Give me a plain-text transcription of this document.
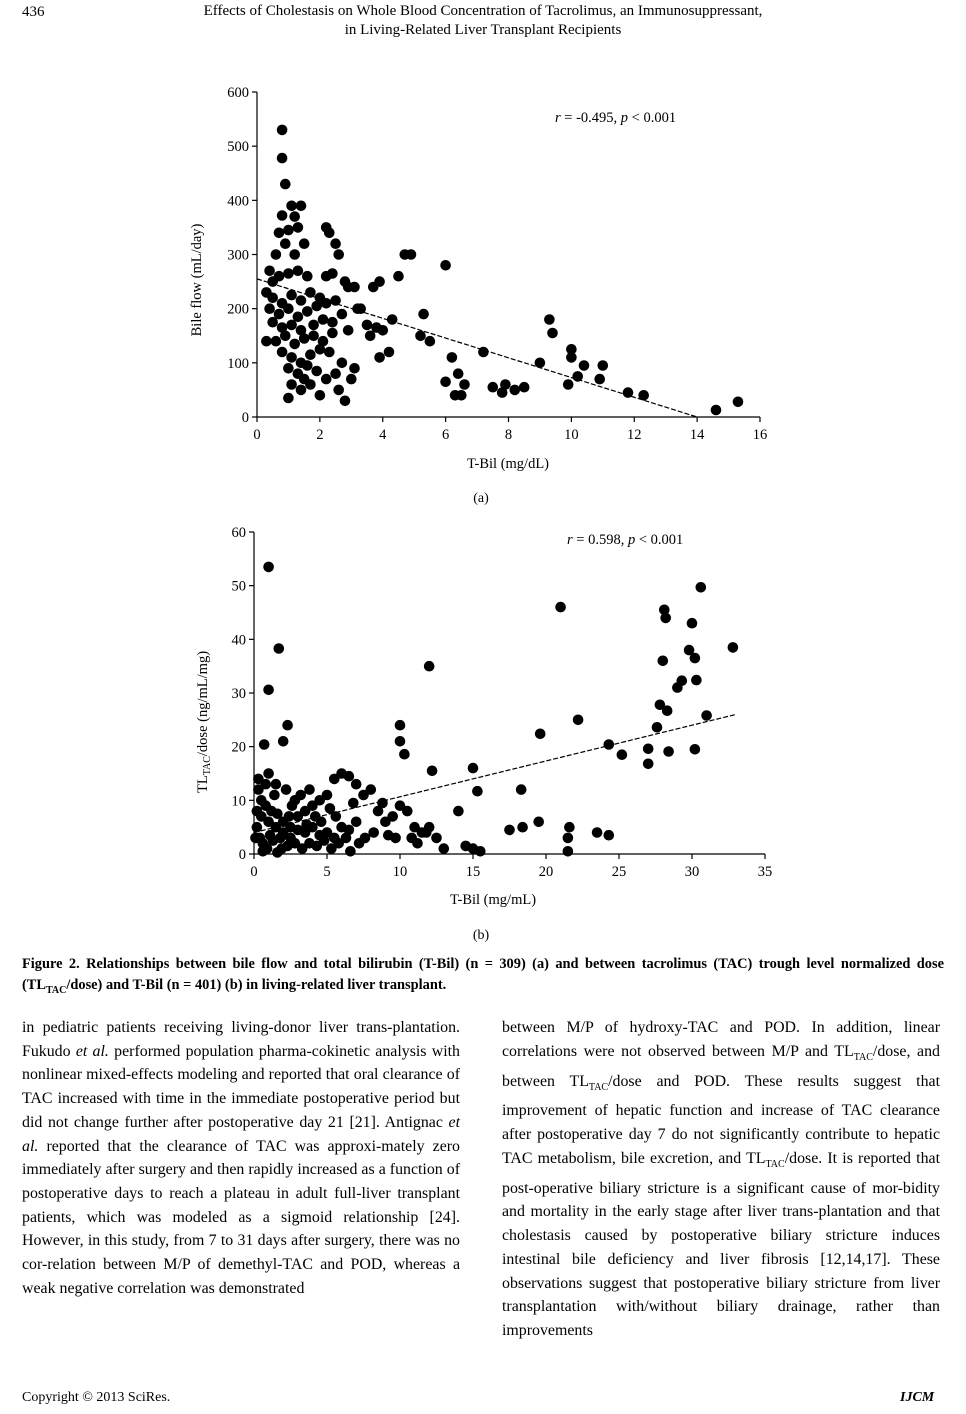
436	Effects of Cholestasis on Whole Blood Concentration of Tacrolimus, an Immunosuppressant,
in Living-Related Liver Transplant Recipients
0	2	4	6	8	10	12	14	16
0
100
200
300
400
500
600
r = -0.495, p < 0.001
T-Bil (mg/dL)
Bile flow (mL/day)
(a)
0	5	10	15	20	25	30	35
0
10
20
30
40
50
60	r = 0.598, p < 0.001
T-Bil (mg/mL)
$TL_{TAC}$/dose (ng/mL/mg)
(b)
Figure 2. Relationships between bile flow and total bilirubin (T-Bil) (n = 309) (a) and between tacrolimus (TAC) trough level normalized dose $(TL_{TAC}/dose)$ and T-Bil (n = 401) (b) in living-related liver transplant.

in pediatric patients receiving living-donor liver trans-plantation. Fukudo et al. performed population pharma-cokinetic analysis with nonlinear mixed-effects modeling and reported that oral clearance of TAC increased with time in the immediate postoperative period but did not change further after postoperative day 21 [21]. Antignac et al. reported that the clearance of TAC was approxi-mately zero immediately after surgery and then rapidly increased as a function of postoperative days to reach a plateau in adult full-liver transplant patients, which was modeled as a sigmoid relationship [24]. However, in this study, from 7 to 31 days after surgery, there was no cor-relation between M/P of demethyl-TAC and POD, whereas a weak negative correlation was demonstrated

between M/P of hydroxy-TAC and POD. In addition, linear correlations were not observed between M/P and $TL_{TAC}$/dose, and between $TL_{TAC}$/dose and POD. These results suggest that improvement of hepatic function and increase of TAC clearance after postoperative day 7 do not significantly contribute to hepatic TAC metabolism, bile excretion, and $TL_{TAC}$/dose. It is reported that post-operative biliary stricture is a significant cause of mor-bidity and mortality in the early stage after liver trans-plantation and that cholestasis caused by postoperative biliary stricture induces intestinal bile deficiency and liver fibrosis [12,14,17]. These observations suggest that postoperative biliary stricture from liver transplantation with/without biliary drainage, rather than improvements

Copyright © 2013 SciRes.	IJCM
